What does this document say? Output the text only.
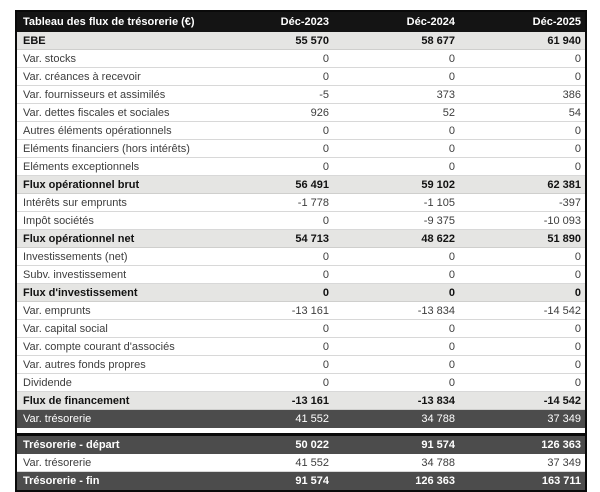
Tableau des flux de trésorerie (€)	Déc-2023	Déc-2024	Déc-2025
EBE	55 570	58 677	61 940
Var. stocks	0	0	0
Var. créances à recevoir	0	0	0
Var. fournisseurs et assimilés	-5	373	386
Var. dettes fiscales et sociales	926	52	54
Autres éléments opérationnels	0	0	0
Eléments financiers (hors intérêts)	0	0	0
Eléments exceptionnels	0	0	0
Flux opérationnel brut	56 491	59 102	62 381
Intérêts sur emprunts	-1 778	-1 105	-397
Impôt sociétés	0	-9 375	-10 093
Flux opérationnel net	54 713	48 622	51 890
Investissements (net)	0	0	0
Subv. investissement	0	0	0
Flux d'investissement	0	0	0
Var. emprunts	-13 161	-13 834	-14 542
Var. capital social	0	0	0
Var. compte courant d'associés	0	0	0
Var. autres fonds propres	0	0	0
Dividende	0	0	0
Flux de financement	-13 161	-13 834	-14 542
Var. trésorerie	41 552	34 788	37 349
Trésorerie - départ	50 022	91 574	126 363
Var. trésorerie	41 552	34 788	37 349
Trésorerie - fin	91 574	126 363	163 711
